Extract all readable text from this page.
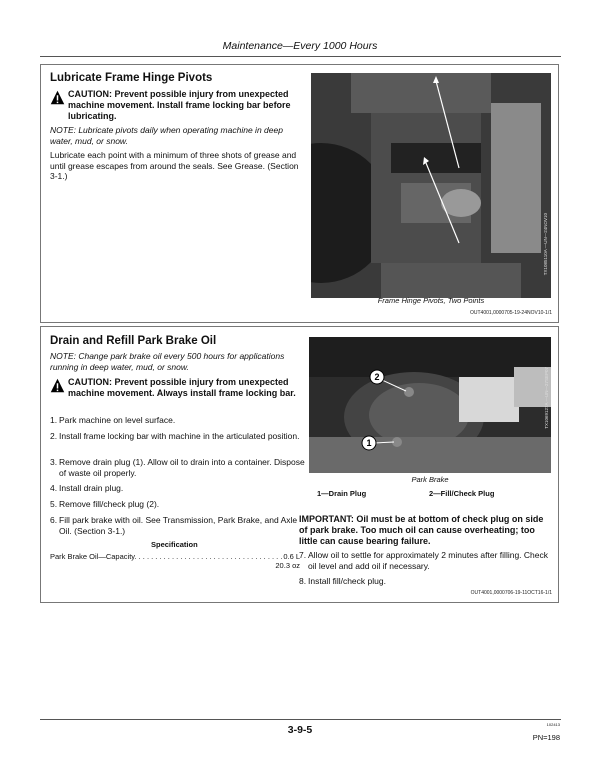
Maintenance—Every 1000 Hours
Lubricate Frame Hinge Pivots
CAUTION: Prevent possible injury from unexpected machine movement. Install frame locking bar before lubricating.
NOTE: Lubricate pivots daily when operating machine in deep water, mud, or snow.
Lubricate each point with a minimum of three shots of grease and until grease escapes from around the seals. See Grease. (Section 3-1.)
TX1085110A —UN—24NOV10
Frame Hinge Pivots, Two Points
OUT4001,0000705-19-24NOV10-1/1
Drain and Refill Park Brake Oil
NOTE: Change park brake oil every 500 hours for applications running in deep water, mud, or snow.
CAUTION: Prevent possible injury from unexpected machine movement. Always install frame locking bar.
1. Park machine on level surface.
2. Install frame locking bar with machine in the articulated position.
3. Remove drain plug (1). Allow oil to drain into a container. Dispose of waste oil properly.
4. Install drain plug.
5. Remove fill/check plug (2).
6. Fill park brake with oil. See Transmission, Park Brake, and Axle Oil. (Section 3-1.)
Specification
Park Brake Oil—Capacity. . . . . . . . . . . . . . . . . . . . . . . . . . . . . . . . . . . . 0.6 L
20.3 oz
2
1
TX1069127A —UN—27SEP07
Park Brake
1—Drain Plug	2—Fill/Check Plug
IMPORTANT: Oil must be at bottom of check plug on side of park brake. Too much oil can cause overheating; too little can cause bearing failure.
7. Allow oil to settle for approximately 2 minutes after filling. Check oil level and add oil if necessary.
8. Install fill/check plug.
OUT4001,0000706-19-11OCT16-1/1
3-9-5	102413
PN=198
